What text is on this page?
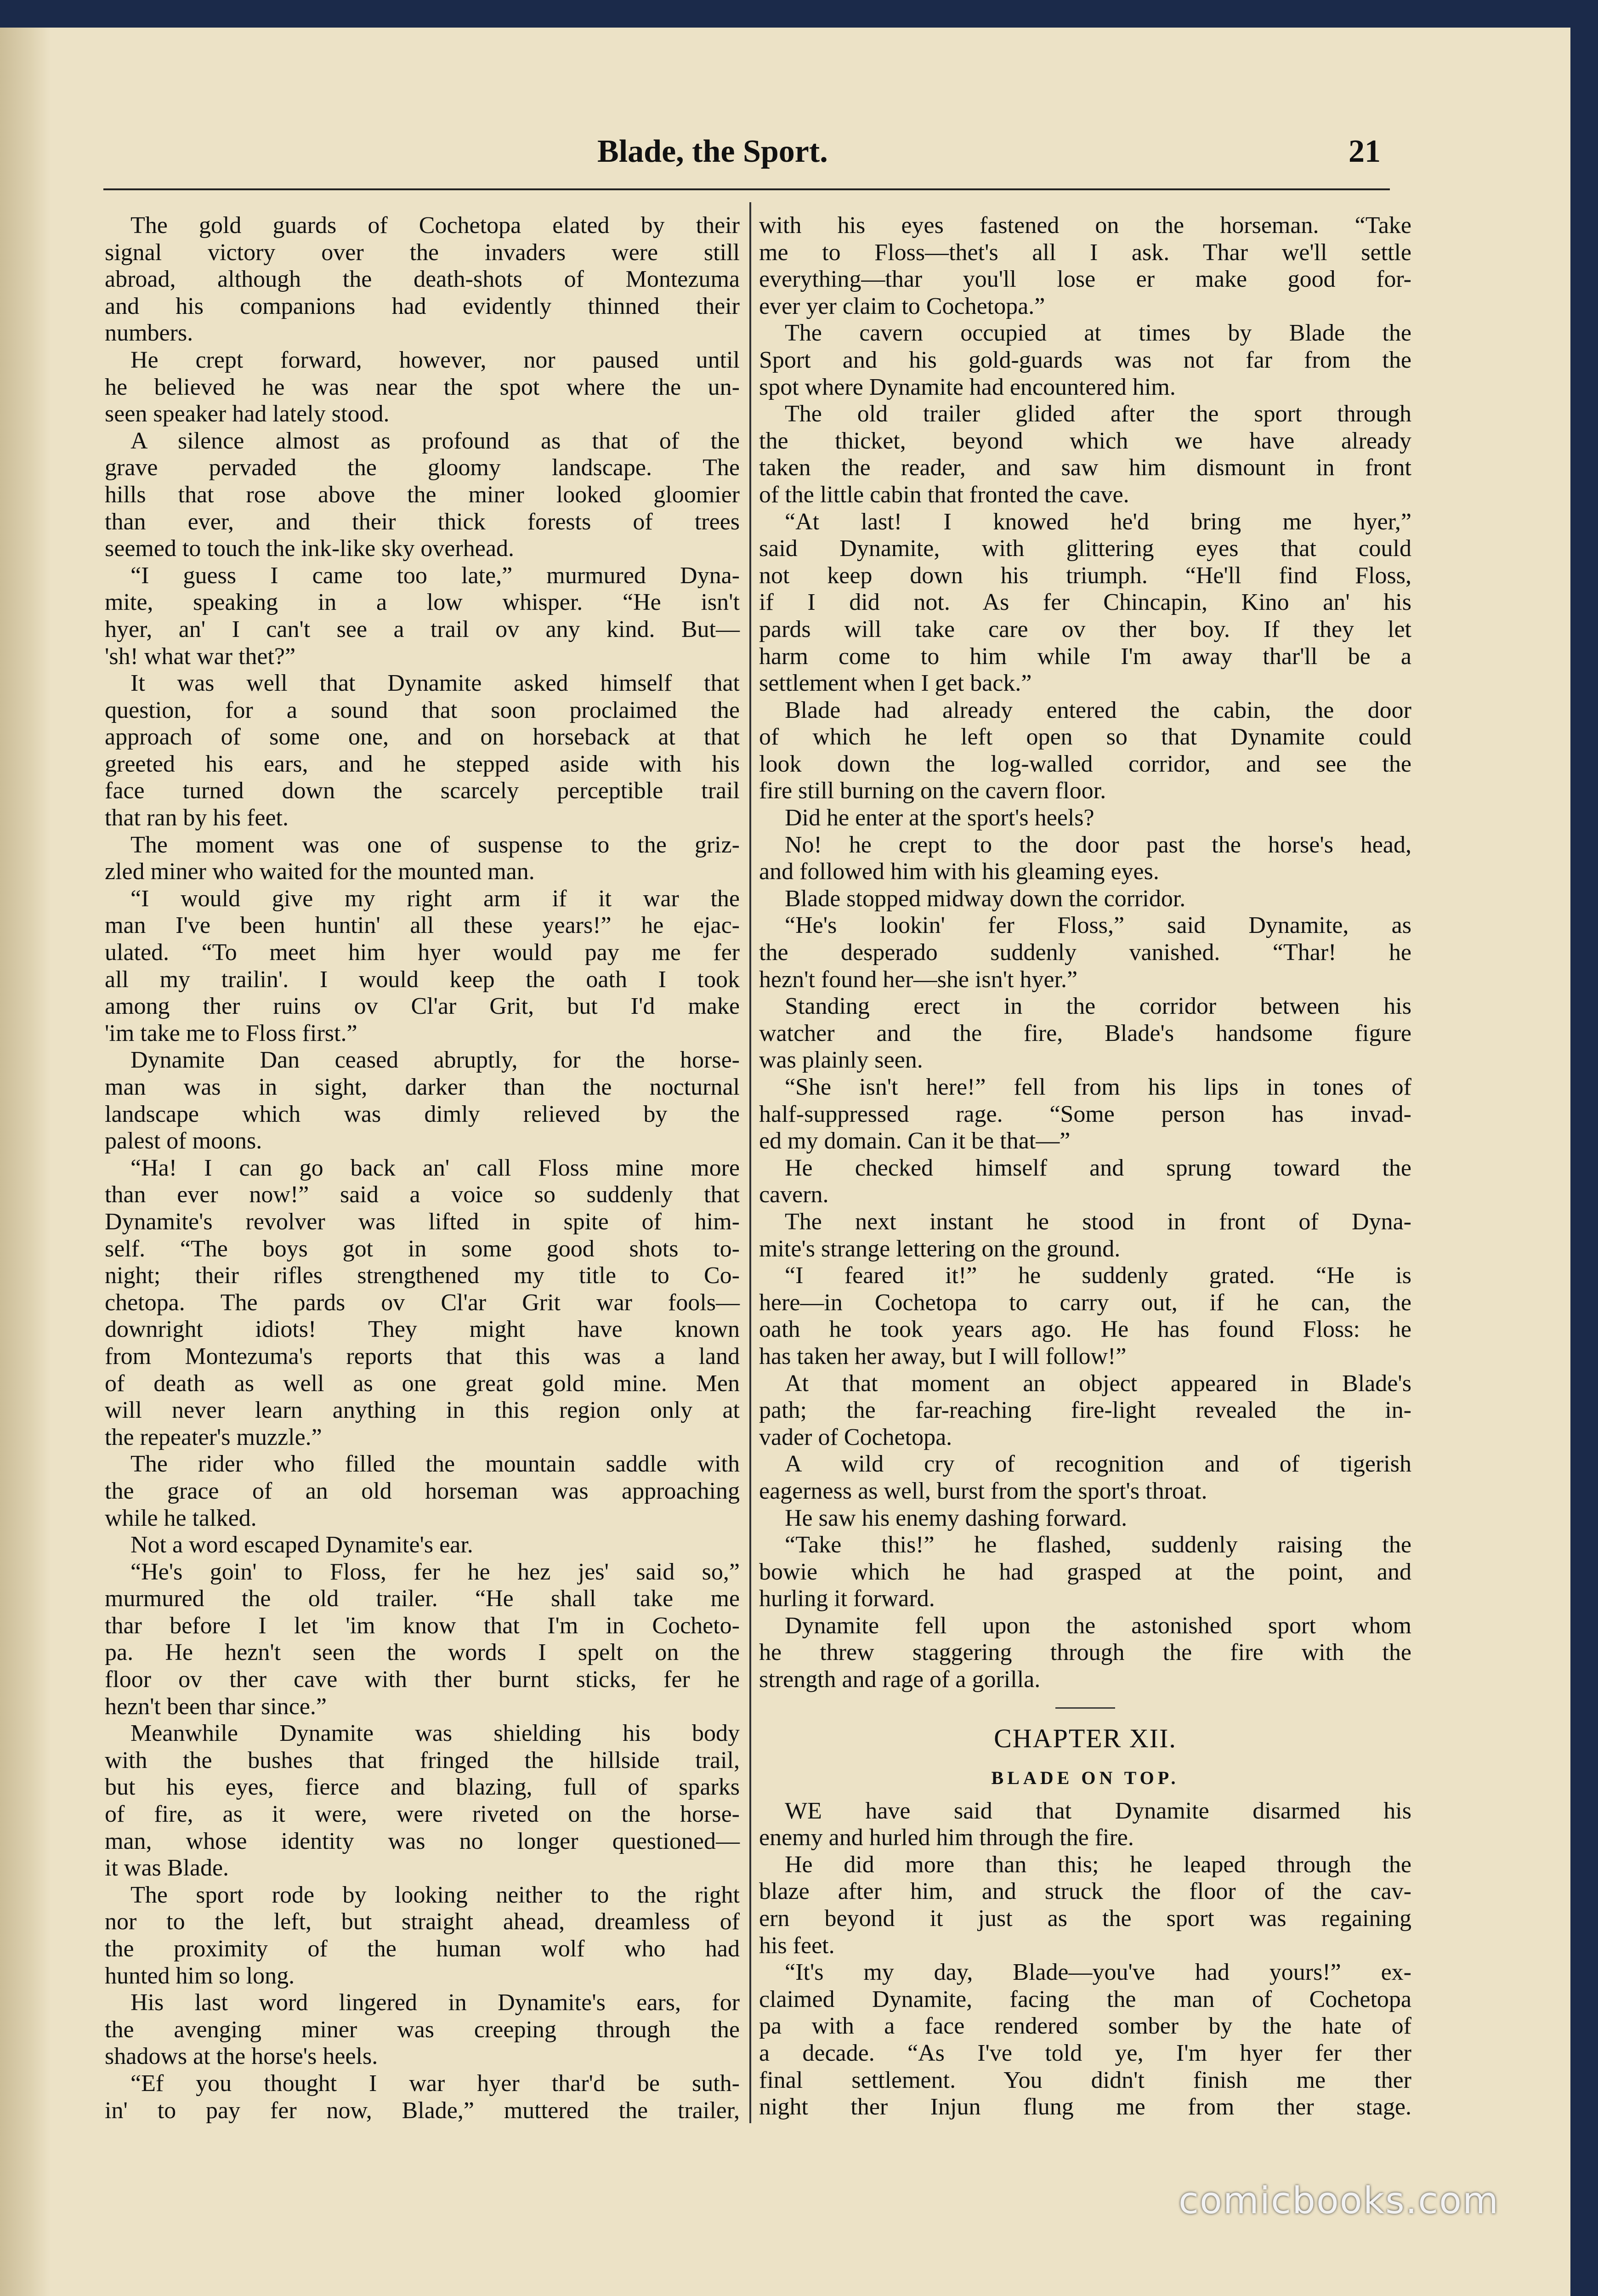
Blade, the Sport.	21
The gold guards of Cochetopa elated by their
signal victory over the invaders were still
abroad, although the death-shots of Montezuma
and his companions had evidently thinned their
numbers.
He crept forward, however, nor paused until
he believed he was near the spot where the un-
seen speaker had lately stood.
A silence almost as profound as that of the
grave pervaded the gloomy landscape. The
hills that rose above the miner looked gloomier
than ever, and their thick forests of trees
seemed to touch the ink-like sky overhead.
“I guess I came too late,” murmured Dyna-
mite, speaking in a low whisper. “He isn't
hyer, an' I can't see a trail ov any kind. But—
'sh! what war thet?”
It was well that Dynamite asked himself that
question, for a sound that soon proclaimed the
approach of some one, and on horseback at that
greeted his ears, and he stepped aside with his
face turned down the scarcely perceptible trail
that ran by his feet.
The moment was one of suspense to the griz-
zled miner who waited for the mounted man.
“I would give my right arm if it war the
man I've been huntin' all these years!” he ejac-
ulated. “To meet him hyer would pay me fer
all my trailin'. I would keep the oath I took
among ther ruins ov Cl'ar Grit, but I'd make
'im take me to Floss first.”
Dynamite Dan ceased abruptly, for the horse-
man was in sight, darker than the nocturnal
landscape which was dimly relieved by the
palest of moons.
“Ha! I can go back an' call Floss mine more
than ever now!” said a voice so suddenly that
Dynamite's revolver was lifted in spite of him-
self. “The boys got in some good shots to-
night; their rifles strengthened my title to Co-
chetopa. The pards ov Cl'ar Grit war fools—
downright idiots! They might have known
from Montezuma's reports that this was a land
of death as well as one great gold mine. Men
will never learn anything in this region only at
the repeater's muzzle.”
The rider who filled the mountain saddle with
the grace of an old horseman was approaching
while he talked.
Not a word escaped Dynamite's ear.
“He's goin' to Floss, fer he hez jes' said so,”
murmured the old trailer. “He shall take me
thar before I let 'im know that I'm in Cocheto-
pa. He hezn't seen the words I spelt on the
floor ov ther cave with ther burnt sticks, fer he
hezn't been thar since.”
Meanwhile Dynamite was shielding his body
with the bushes that fringed the hillside trail,
but his eyes, fierce and blazing, full of sparks
of fire, as it were, were riveted on the horse-
man, whose identity was no longer questioned—
it was Blade.
The sport rode by looking neither to the right
nor to the left, but straight ahead, dreamless of
the proximity of the human wolf who had
hunted him so long.
His last word lingered in Dynamite's ears, for
the avenging miner was creeping through the
shadows at the horse's heels.
“Ef you thought I war hyer thar'd be suth-
in' to pay fer now, Blade,” muttered the trailer,
with his eyes fastened on the horseman. “Take
me to Floss—thet's all I ask. Thar we'll settle
everything—thar you'll lose er make good for-
ever yer claim to Cochetopa.”
The cavern occupied at times by Blade the
Sport and his gold-guards was not far from the
spot where Dynamite had encountered him.
The old trailer glided after the sport through
the thicket, beyond which we have already
taken the reader, and saw him dismount in front
of the little cabin that fronted the cave.
“At last! I knowed he'd bring me hyer,”
said Dynamite, with glittering eyes that could
not keep down his triumph. “He'll find Floss,
if I did not. As fer Chincapin, Kino an' his
pards will take care ov ther boy. If they let
harm come to him while I'm away thar'll be a
settlement when I get back.”
Blade had already entered the cabin, the door
of which he left open so that Dynamite could
look down the log-walled corridor, and see the
fire still burning on the cavern floor.
Did he enter at the sport's heels?
No! he crept to the door past the horse's head,
and followed him with his gleaming eyes.
Blade stopped midway down the corridor.
“He's lookin' fer Floss,” said Dynamite, as
the desperado suddenly vanished. “Thar! he
hezn't found her—she isn't hyer.”
Standing erect in the corridor between his
watcher and the fire, Blade's handsome figure
was plainly seen.
“She isn't here!” fell from his lips in tones of
half-suppressed rage. “Some person has invad-
ed my domain. Can it be that—”
He checked himself and sprung toward the
cavern.
The next instant he stood in front of Dyna-
mite's strange lettering on the ground.
“I feared it!” he suddenly grated. “He is
here—in Cochetopa to carry out, if he can, the
oath he took years ago. He has found Floss: he
has taken her away, but I will follow!”
At that moment an object appeared in Blade's
path; the far-reaching fire-light revealed the in-
vader of Cochetopa.
A wild cry of recognition and of tigerish
eagerness as well, burst from the sport's throat.
He saw his enemy dashing forward.
“Take this!” he flashed, suddenly raising the
bowie which he had grasped at the point, and
hurling it forward.
Dynamite fell upon the astonished sport whom
he threw staggering through the fire with the
strength and rage of a gorilla.
CHAPTER XII.
BLADE ON TOP.
WE have said that Dynamite disarmed his
enemy and hurled him through the fire.
He did more than this; he leaped through the
blaze after him, and struck the floor of the cav-
ern beyond it just as the sport was regaining
his feet.
“It's my day, Blade—you've had yours!” ex-
claimed Dynamite, facing the man of Cochetopa
pa with a face rendered somber by the hate of
a decade. “As I've told ye, I'm hyer fer ther
final settlement. You didn't finish me ther
night ther Injun flung me from ther stage.
comicbooks.com
